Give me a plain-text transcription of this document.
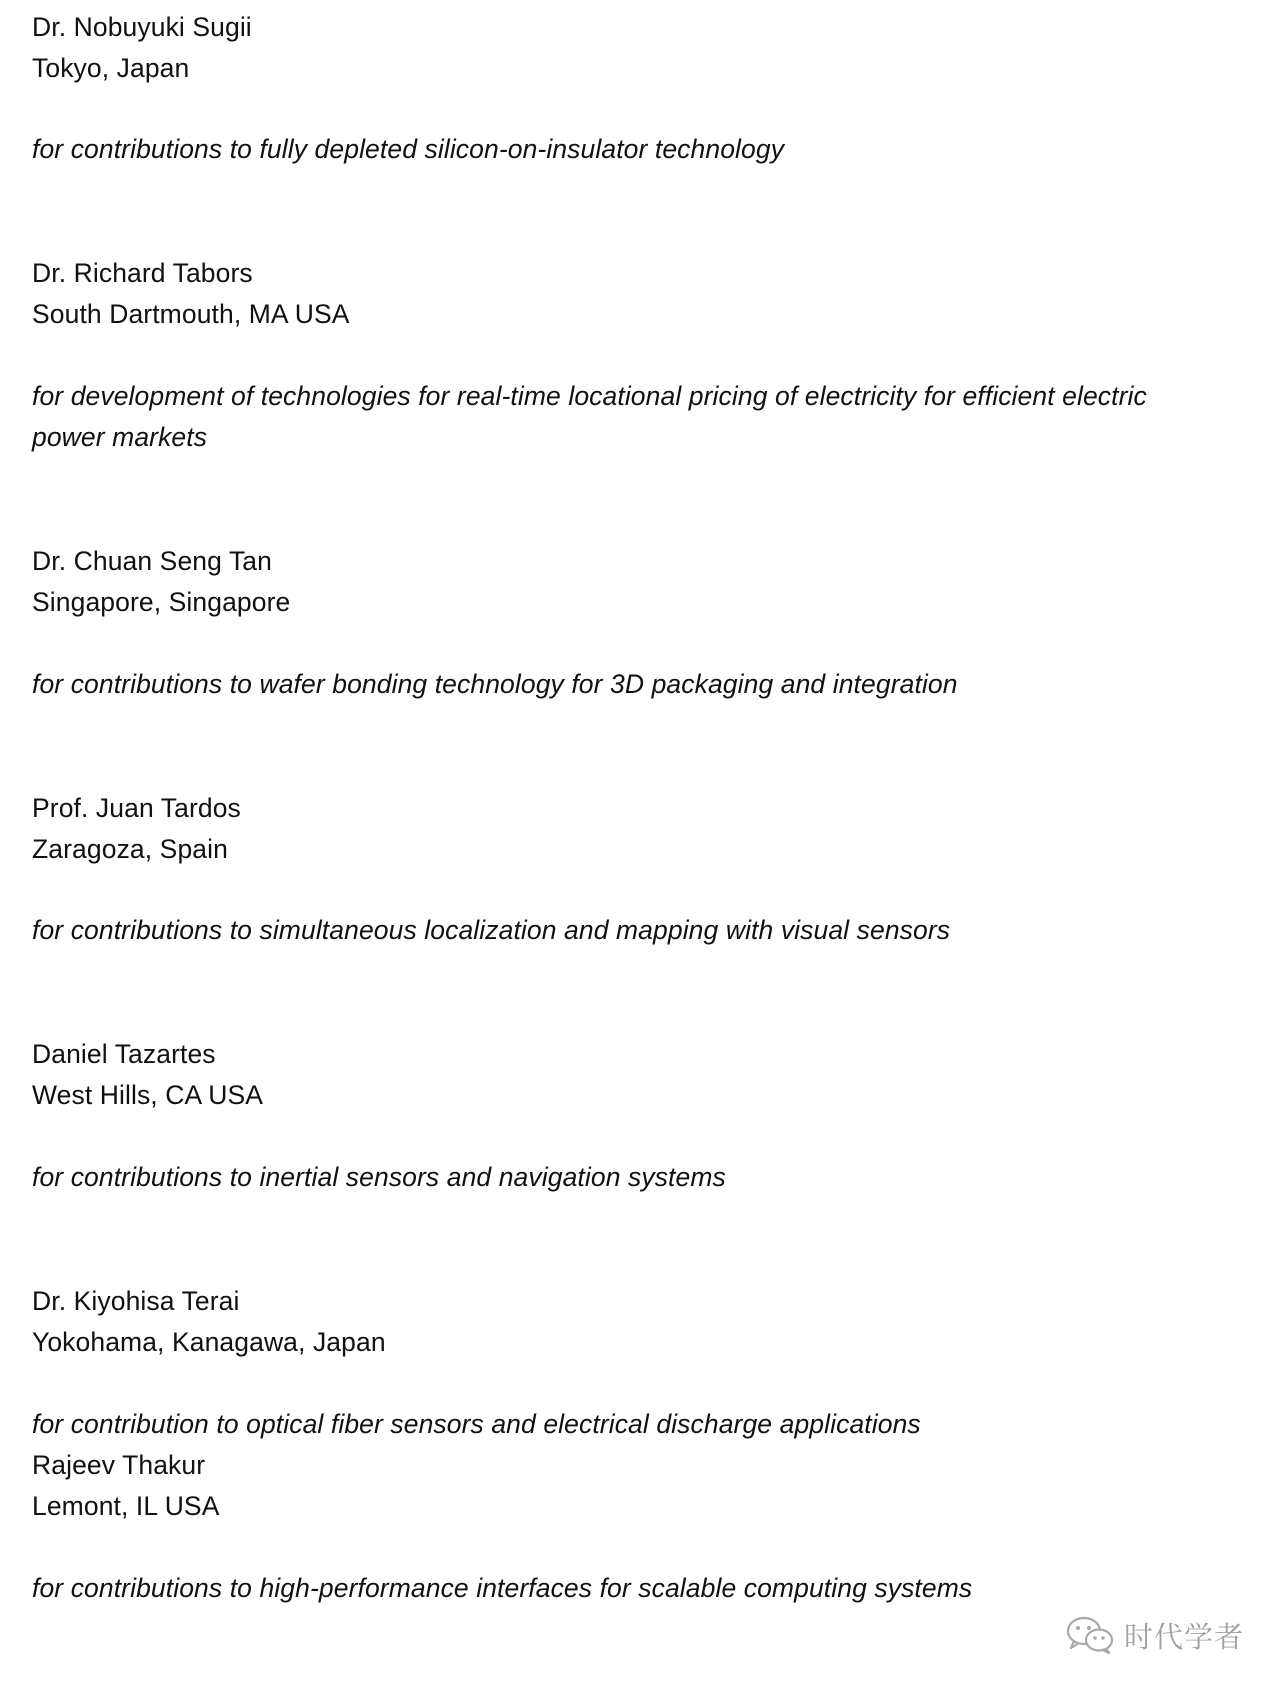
Dr. Nobuyuki Sugii
Tokyo, Japan
for contributions to fully depleted silicon-on-insulator technology
Dr. Richard Tabors
South Dartmouth, MA USA
for development of technologies for real-time locational pricing of electricity for efficient electric
power markets
Dr. Chuan Seng Tan
Singapore, Singapore
for contributions to wafer bonding technology for 3D packaging and integration
Prof. Juan Tardos
Zaragoza, Spain
for contributions to simultaneous localization and mapping with visual sensors
Daniel Tazartes
West Hills, CA USA
for contributions to inertial sensors and navigation systems
Dr. Kiyohisa Terai
Yokohama, Kanagawa, Japan
for contribution to optical fiber sensors and electrical discharge applications
Rajeev Thakur
Lemont, IL USA
for contributions to high-performance interfaces for scalable computing systems
时代学者
